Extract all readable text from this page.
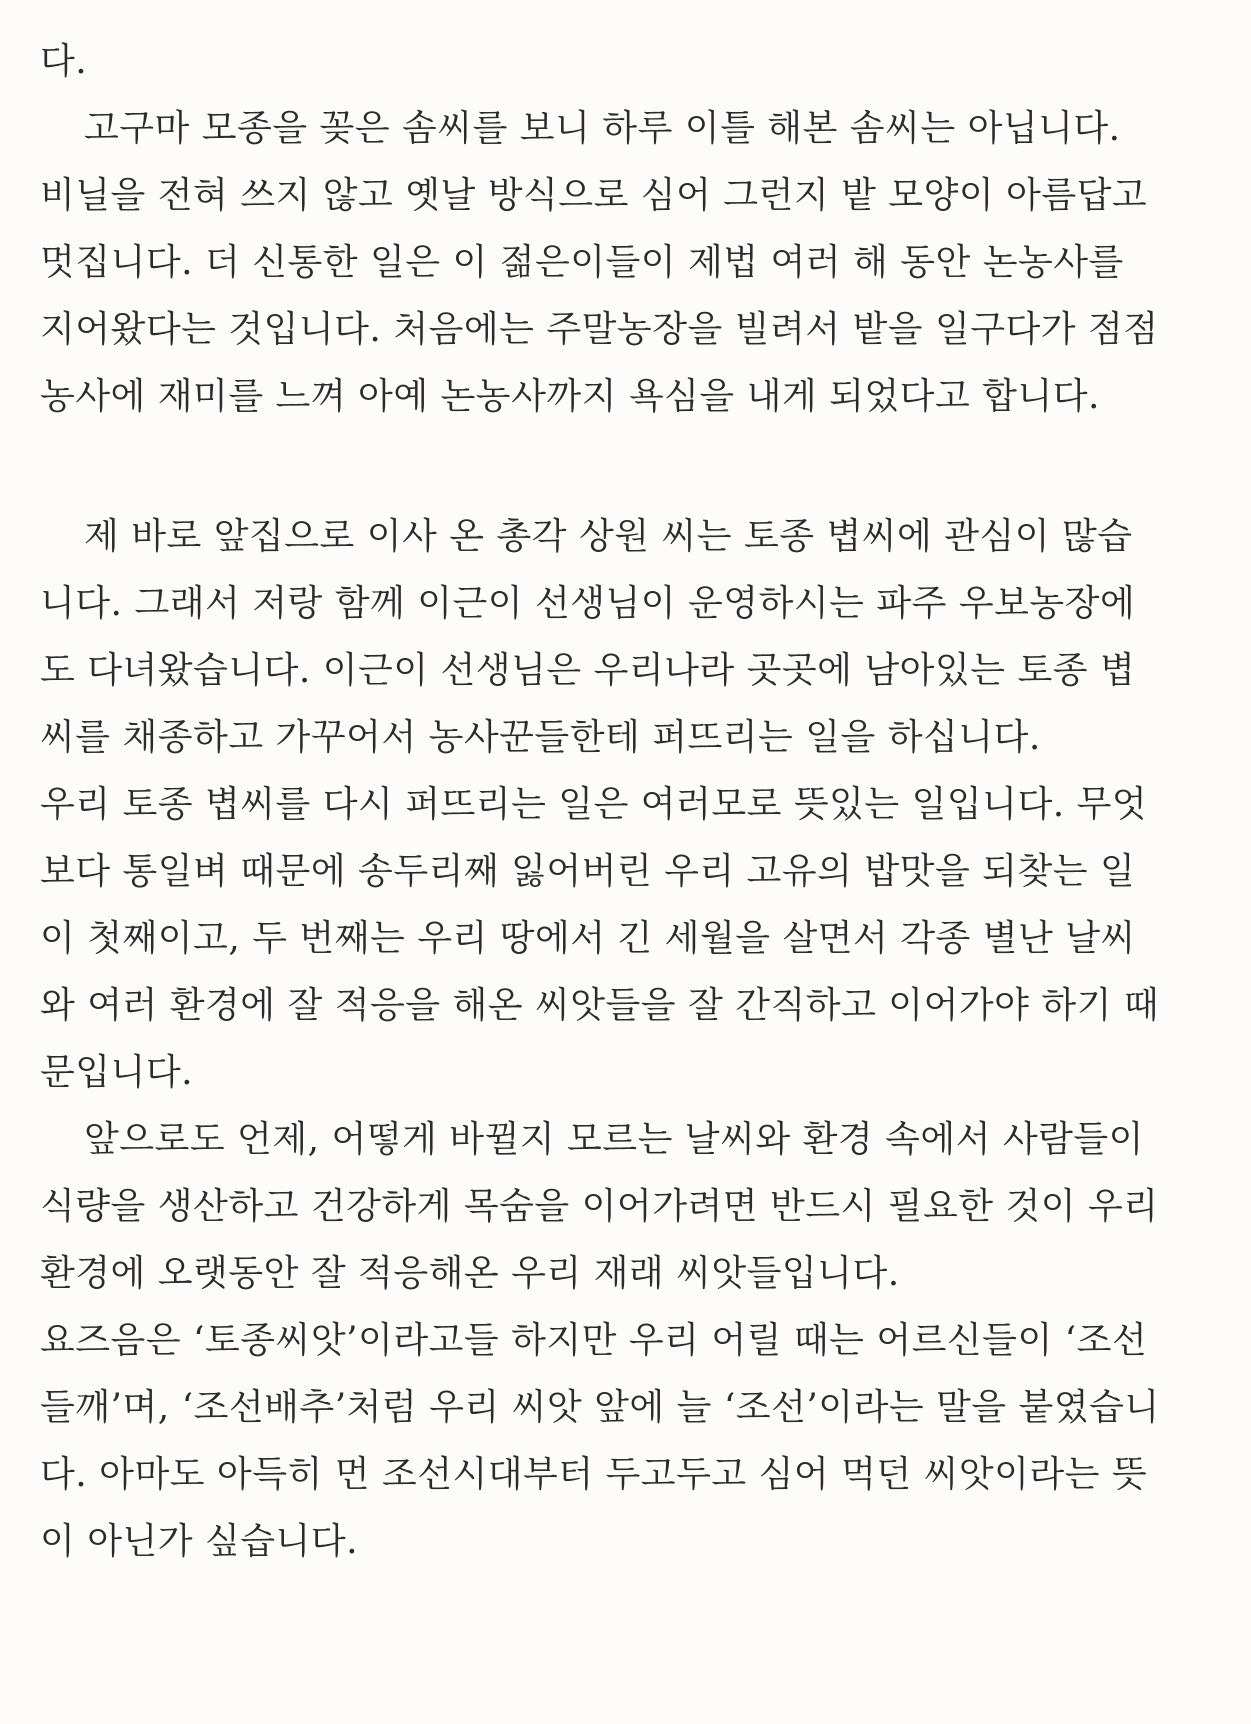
다.
고구마 모종을 꽂은 솜씨를 보니 하루 이틀 해본 솜씨는 아닙니다.
비닐을 전혀 쓰지 않고 옛날 방식으로 심어 그런지 밭 모양이 아름답고
멋집니다. 더 신통한 일은 이 젊은이들이 제법 여러 해 동안 논농사를
지어왔다는 것입니다. 처음에는 주말농장을 빌려서 밭을 일구다가 점점
농사에 재미를 느껴 아예 논농사까지 욕심을 내게 되었다고 합니다.
제 바로 앞집으로 이사 온 총각 상원 씨는 토종 볍씨에 관심이 많습
니다. 그래서 저랑 함께 이근이 선생님이 운영하시는 파주 우보농장에
도 다녀왔습니다. 이근이 선생님은 우리나라 곳곳에 남아있는 토종 볍
씨를 채종하고 가꾸어서 농사꾼들한테 퍼뜨리는 일을 하십니다.
우리 토종 볍씨를 다시 퍼뜨리는 일은 여러모로 뜻있는 일입니다. 무엇
보다 통일벼 때문에 송두리째 잃어버린 우리 고유의 밥맛을 되찾는 일
이 첫째이고, 두 번째는 우리 땅에서 긴 세월을 살면서 각종 별난 날씨
와 여러 환경에 잘 적응을 해온 씨앗들을 잘 간직하고 이어가야 하기 때
문입니다.
앞으로도 언제, 어떻게 바뀔지 모르는 날씨와 환경 속에서 사람들이
식량을 생산하고 건강하게 목숨을 이어가려면 반드시 필요한 것이 우리
환경에 오랫동안 잘 적응해온 우리 재래 씨앗들입니다.
요즈음은 ‘토종씨앗’이라고들 하지만 우리 어릴 때는 어르신들이 ‘조선
들깨’며, ‘조선배추’처럼 우리 씨앗 앞에 늘 ‘조선’이라는 말을 붙였습니
다. 아마도 아득히 먼 조선시대부터 두고두고 심어 먹던 씨앗이라는 뜻
이 아닌가 싶습니다.
